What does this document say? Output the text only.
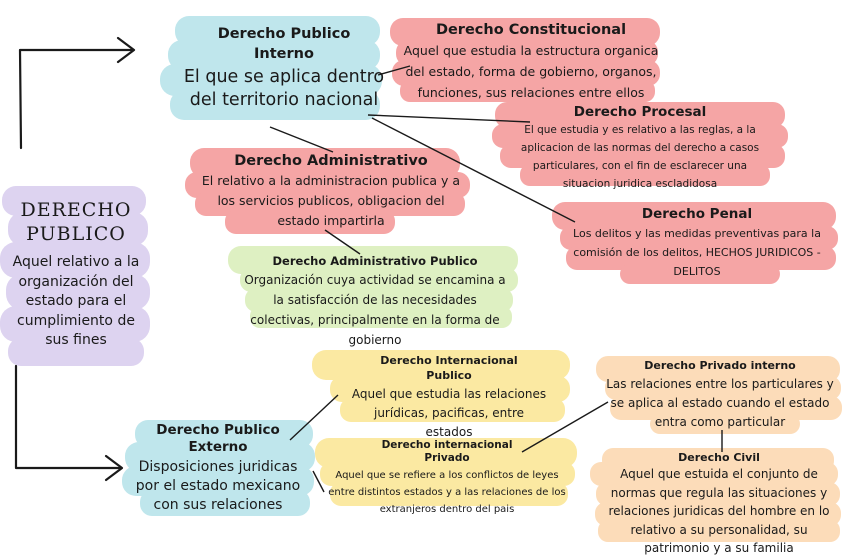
DERECHO PUBLICO
Aquel relativo a la organización del estado para el cumplimiento de sus fines
Derecho Publico Interno
El que se aplica dentro del territorio nacional
Derecho Constitucional
Aquel que estudia la estructura organica del estado, forma de gobierno, organos, funciones, sus relaciones entre ellos
Derecho Procesal
El que estudia y es relativo a las reglas, a la aplicacion de las normas del derecho a casos particulares, con el fin de esclarecer una situacion juridica escladidosa
Derecho Administrativo
El relativo a la administracion publica y a los servicios publicos, obligacion del estado impartirla	Derecho Penal
Los delitos y las medidas preventivas para la comisión de los delitos, HECHOS JURIDICOS - DELITOS
Derecho Administrativo Publico
Organización cuya actividad se encamina a la satisfacción de las necesidades colectivas, principalmente en la forma de gobierno
Derecho Publico Externo
Disposiciones juridicas por el estado mexicano con sus relaciones
Derecho Internacional Publico
Aquel que estudia las relaciones jurídicas, pacificas, entre estados
Derecho internacional Privado
Aquel que se refiere a los conflictos de leyes entre distintos estados y a las relaciones de los extranjeros dentro del pais
Derecho Privado interno
Las relaciones entre los particulares y se aplica al estado cuando el estado entra como particular
Derecho Civil
Aquel que estuida el conjunto de normas que regula las situaciones y relaciones juridicas del hombre en lo relativo a su personalidad, su patrimonio y a su familia
